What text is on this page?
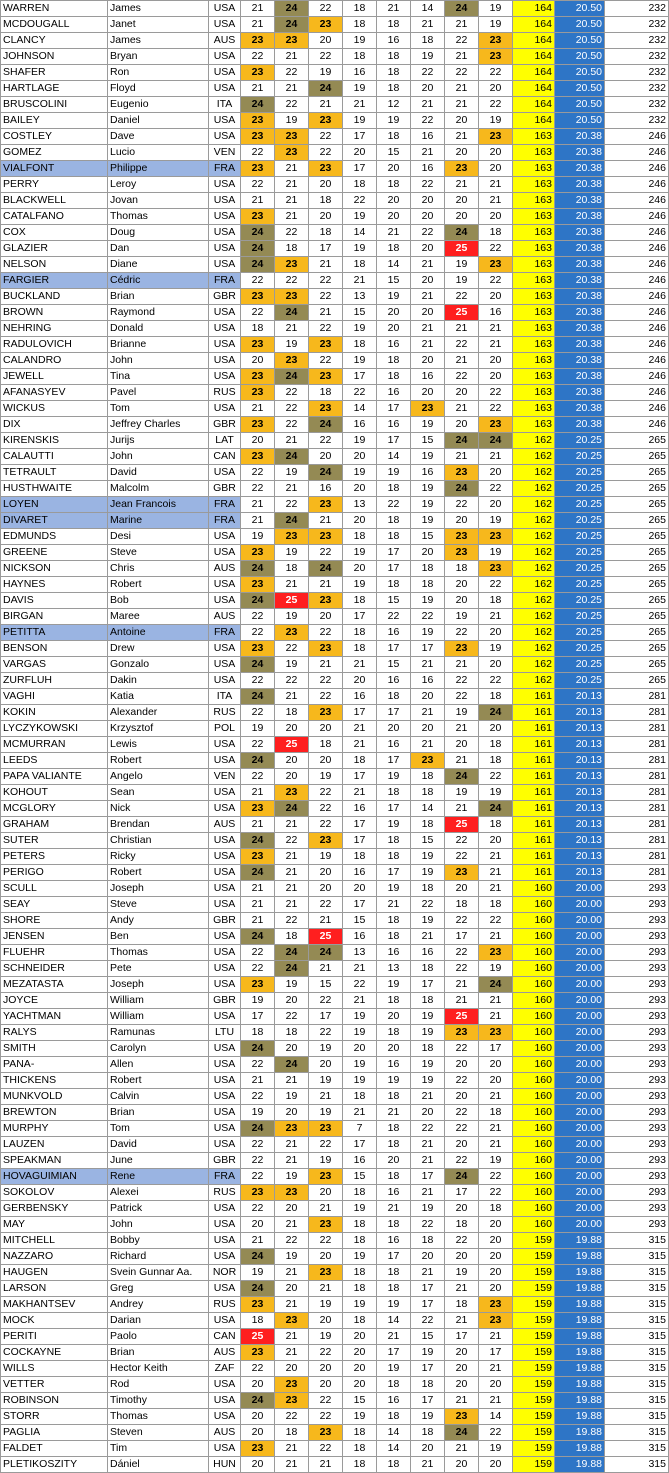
WARREN	James	USA	21	24	22	18	21	14	24	19	164	20.50	232
MCDOUGALL	Janet	USA	21	24	23	18	18	21	21	19	164	20.50	232
CLANCY	James	AUS	23	23	20	19	16	18	22	23	164	20.50	232
JOHNSON	Bryan	USA	22	21	22	18	18	19	21	23	164	20.50	232
SHAFER	Ron	USA	23	22	19	16	18	22	22	22	164	20.50	232
HARTLAGE	Floyd	USA	21	21	24	19	18	20	21	20	164	20.50	232
BRUSCOLINI	Eugenio	ITA	24	22	21	21	12	21	21	22	164	20.50	232
BAILEY	Daniel	USA	23	19	23	19	19	22	20	19	164	20.50	232
COSTLEY	Dave	USA	23	23	22	17	18	16	21	23	163	20.38	246
GOMEZ	Lucio	VEN	22	23	22	20	15	21	20	20	163	20.38	246
VIALFONT	Philippe	FRA	23	21	23	17	20	16	23	20	163	20.38	246
PERRY	Leroy	USA	22	21	20	18	18	22	21	21	163	20.38	246
BLACKWELL	Jovan	USA	21	21	18	22	20	20	20	21	163	20.38	246
CATALFANO	Thomas	USA	23	21	20	19	20	20	20	20	163	20.38	246
COX	Doug	USA	24	22	18	14	21	22	24	18	163	20.38	246
GLAZIER	Dan	USA	24	18	17	19	18	20	25	22	163	20.38	246
NELSON	Diane	USA	24	23	21	18	14	21	19	23	163	20.38	246
FARGIER	Cédric	FRA	22	22	22	21	15	20	19	22	163	20.38	246
BUCKLAND	Brian	GBR	23	23	22	13	19	21	22	20	163	20.38	246
BROWN	Raymond	USA	22	24	21	15	20	20	25	16	163	20.38	246
NEHRING	Donald	USA	18	21	22	19	20	21	21	21	163	20.38	246
RADULOVICH	Brianne	USA	23	19	23	18	16	21	22	21	163	20.38	246
CALANDRO	John	USA	20	23	22	19	18	20	21	20	163	20.38	246
JEWELL	Tina	USA	23	24	23	17	18	16	22	20	163	20.38	246
AFANASYEV	Pavel	RUS	23	22	18	22	16	20	20	22	163	20.38	246
WICKUS	Tom	USA	21	22	23	14	17	23	21	22	163	20.38	246
DIX	Jeffrey Charles	GBR	23	22	24	16	16	19	20	23	163	20.38	246
KIRENSKIS	Jurijs	LAT	20	21	22	19	17	15	24	24	162	20.25	265
CALAUTTI	John	CAN	23	24	20	20	14	19	21	21	162	20.25	265
TETRAULT	David	USA	22	19	24	19	19	16	23	20	162	20.25	265
HUSTHWAITE	Malcolm	GBR	22	21	16	20	18	19	24	22	162	20.25	265
LOYEN	Jean Francois	FRA	21	22	23	13	22	19	22	20	162	20.25	265
DIVARET	Marine	FRA	21	24	21	20	18	19	20	19	162	20.25	265
EDMUNDS	Desi	USA	19	23	23	18	18	15	23	23	162	20.25	265
GREENE	Steve	USA	23	19	22	19	17	20	23	19	162	20.25	265
NICKSON	Chris	AUS	24	18	24	20	17	18	18	23	162	20.25	265
HAYNES	Robert	USA	23	21	21	19	18	18	20	22	162	20.25	265
DAVIS	Bob	USA	24	25	23	18	15	19	20	18	162	20.25	265
BIRGAN	Maree	AUS	22	19	20	17	22	22	19	21	162	20.25	265
PETITTA	Antoine	FRA	22	23	22	18	16	19	22	20	162	20.25	265
BENSON	Drew	USA	23	22	23	18	17	17	23	19	162	20.25	265
VARGAS	Gonzalo	USA	24	19	21	21	15	21	21	20	162	20.25	265
ZURFLUH	Dakin	USA	22	22	22	20	16	16	22	22	162	20.25	265
VAGHI	Katia	ITA	24	21	22	16	18	20	22	18	161	20.13	281
KOKIN	Alexander	RUS	22	18	23	17	17	21	19	24	161	20.13	281
LYCZYKOWSKI	Krzysztof	POL	19	20	20	21	20	20	21	20	161	20.13	281
MCMURRAN	Lewis	USA	22	25	18	21	16	21	20	18	161	20.13	281
LEEDS	Robert	USA	24	20	20	18	17	23	21	18	161	20.13	281
PAPA VALIANTE	Angelo	VEN	22	20	19	17	19	18	24	22	161	20.13	281
KOHOUT	Sean	USA	21	23	22	21	18	18	19	19	161	20.13	281
MCGLORY	Nick	USA	23	24	22	16	17	14	21	24	161	20.13	281
GRAHAM	Brendan	AUS	21	21	22	17	19	18	25	18	161	20.13	281
SUTER	Christian	USA	24	22	23	17	18	15	22	20	161	20.13	281
PETERS	Ricky	USA	23	21	19	18	18	19	22	21	161	20.13	281
PERIGO	Robert	USA	24	21	20	16	17	19	23	21	161	20.13	281
SCULL	Joseph	USA	21	21	20	20	19	18	20	21	160	20.00	293
SEAY	Steve	USA	21	21	22	17	21	22	18	18	160	20.00	293
SHORE	Andy	GBR	21	22	21	15	18	19	22	22	160	20.00	293
JENSEN	Ben	USA	24	18	25	16	18	21	17	21	160	20.00	293
FLUEHR	Thomas	USA	22	24	24	13	16	16	22	23	160	20.00	293
SCHNEIDER	Pete	USA	22	24	21	21	13	18	22	19	160	20.00	293
MEZATASTA	Joseph	USA	23	19	15	22	19	17	21	24	160	20.00	293
JOYCE	William	GBR	19	20	22	21	18	18	21	21	160	20.00	293
YACHTMAN	William	USA	17	22	17	19	20	19	25	21	160	20.00	293
RALYS	Ramunas	LTU	18	18	22	19	18	19	23	23	160	20.00	293
SMITH	Carolyn	USA	24	20	19	20	20	18	22	17	160	20.00	293
PANA-	Allen	USA	22	24	20	19	16	19	20	20	160	20.00	293
THICKENS	Robert	USA	21	21	19	19	19	19	22	20	160	20.00	293
MUNKVOLD	Calvin	USA	22	19	21	18	18	21	20	21	160	20.00	293
BREWTON	Brian	USA	19	20	19	21	21	20	22	18	160	20.00	293
MURPHY	Tom	USA	24	23	23	7	18	22	22	21	160	20.00	293
LAUZEN	David	USA	22	21	22	17	18	21	20	21	160	20.00	293
SPEAKMAN	June	GBR	22	21	19	16	20	21	22	19	160	20.00	293
HOVAGUIMIAN	Rene	FRA	22	19	23	15	18	17	24	22	160	20.00	293
SOKOLOV	Alexei	RUS	23	23	20	18	16	21	17	22	160	20.00	293
GERBENSKY	Patrick	USA	22	20	21	19	21	19	20	18	160	20.00	293
MAY	John	USA	20	21	23	18	18	22	18	20	160	20.00	293
MITCHELL	Bobby	USA	21	22	22	18	16	18	22	20	159	19.88	315
NAZZARO	Richard	USA	24	19	20	19	17	20	20	20	159	19.88	315
HAUGEN	Svein Gunnar Aa.	NOR	19	21	23	18	18	21	19	20	159	19.88	315
LARSON	Greg	USA	24	20	21	18	18	17	21	20	159	19.88	315
MAKHANTSEV	Andrey	RUS	23	21	19	19	19	17	18	23	159	19.88	315
MOCK	Darian	USA	18	23	20	18	14	22	21	23	159	19.88	315
PERITI	Paolo	CAN	25	21	19	20	21	15	17	21	159	19.88	315
COCKAYNE	Brian	AUS	23	21	22	20	17	19	20	17	159	19.88	315
WILLS	Hector Keith	ZAF	22	20	20	20	19	17	20	21	159	19.88	315
VETTER	Rod	USA	20	23	20	20	18	18	20	20	159	19.88	315
ROBINSON	Timothy	USA	24	23	22	15	16	17	21	21	159	19.88	315
STORR	Thomas	USA	20	22	22	19	18	19	23	14	159	19.88	315
PAGLIA	Steven	AUS	20	18	23	18	14	18	24	22	159	19.88	315
FALDET	Tim	USA	23	21	22	18	14	20	21	19	159	19.88	315
PLETIKOSZITY	Dániel	HUN	20	21	21	18	18	21	20	20	159	19.88	315
